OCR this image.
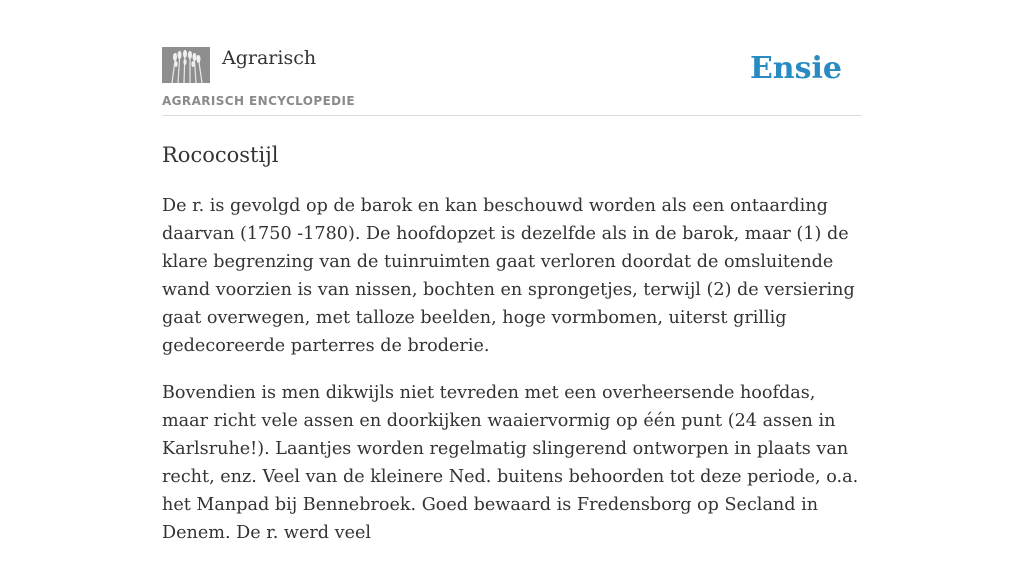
Agrarisch
AGRARISCH ENCYCLOPEDIE
Ensie
Rococostijl

De r. is gevolgd op de barok en kan beschouwd worden als een ontaarding daarvan (1750 -1780). De hoofdopzet is dezelfde als in de barok, maar (1) de klare begrenzing van de tuinruimten gaat verloren doordat de omsluitende wand voorzien is van nissen, bochten en sprongetjes, terwijl (2) de versiering gaat overwegen, met talloze beelden, hoge vormbomen, uiterst grillig gedecoreerde parterres de broderie.

Bovendien is men dikwijls niet tevreden met een overheersende hoofdas, maar richt vele assen en doorkijken waaiervormig op één punt (24 assen in Karlsruhe!). Laantjes worden regelmatig slingerend ontworpen in plaats van recht, enz. Veel van de kleinere Ned. buitens behoorden tot deze periode, o.a. het Manpad bij Bennebroek. Goed bewaard is Fredensborg op Secland in Denem. De r. werd veel
